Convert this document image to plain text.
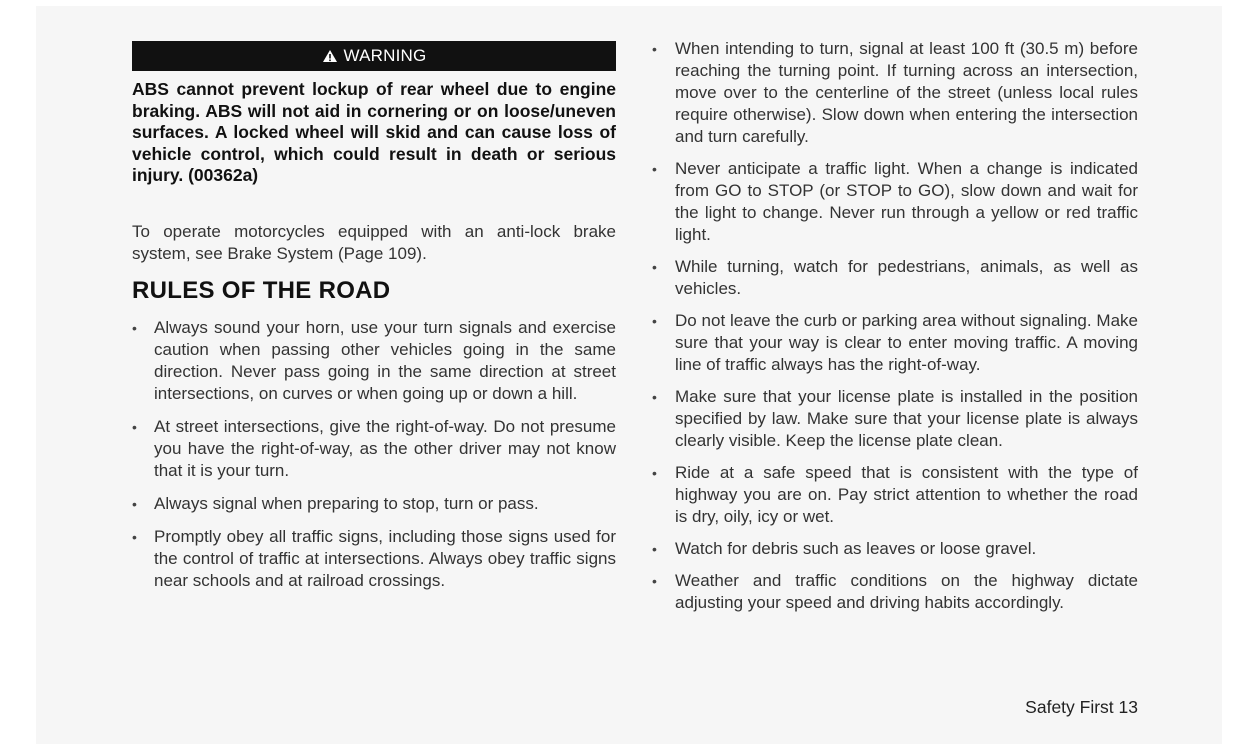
WARNING
ABS cannot prevent lockup of rear wheel due to engine braking. ABS will not aid in cornering or on loose/uneven surfaces. A locked wheel will skid and can cause loss of vehicle control, which could result in death or serious injury. (00362a)
To operate motorcycles equipped with an anti-lock brake system, see Brake System (Page 109).
RULES OF THE ROAD
• Always sound your horn, use your turn signals and exercise caution when passing other vehicles going in the same direction. Never pass going in the same direction at street intersections, on curves or when going up or down a hill.
• At street intersections, give the right-of-way. Do not presume you have the right-of-way, as the other driver may not know that it is your turn.
• Always signal when preparing to stop, turn or pass.
• Promptly obey all traffic signs, including those signs used for the control of traffic at intersections. Always obey traffic signs near schools and at railroad crossings.
• When intending to turn, signal at least 100 ft (30.5 m) before reaching the turning point. If turning across an intersection, move over to the centerline of the street (unless local rules require otherwise). Slow down when entering the intersection and turn carefully.
• Never anticipate a traffic light. When a change is indicated from GO to STOP (or STOP to GO), slow down and wait for the light to change. Never run through a yellow or red traffic light.
• While turning, watch for pedestrians, animals, as well as vehicles.
• Do not leave the curb or parking area without signaling. Make sure that your way is clear to enter moving traffic. A moving line of traffic always has the right-of-way.
• Make sure that your license plate is installed in the position specified by law. Make sure that your license plate is always clearly visible. Keep the license plate clean.
• Ride at a safe speed that is consistent with the type of highway you are on. Pay strict attention to whether the road is dry, oily, icy or wet.
• Watch for debris such as leaves or loose gravel.
• Weather and traffic conditions on the highway dictate adjusting your speed and driving habits accordingly.
Safety First 13
